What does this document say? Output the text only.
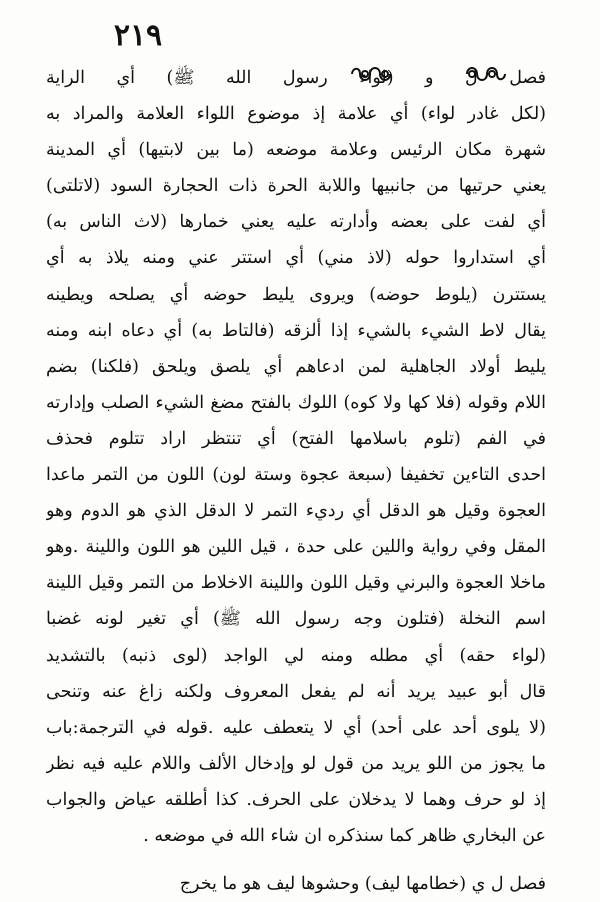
٢١٩
فصل ل و (لواء رسول الله ﷺ) أي الراية
(لكل غادر لواء) أي علامة إذ موضوع اللواء العلامة والمراد به
شهرة مكان الرئيس وعلامة موضعه (ما بين لابتيها) أي المدينة
يعني حرتيها من جانبيها واللابة الحرة ذات الحجارة السود (لاتلتى)
أي لفت على بعضه وأدارته عليه يعني خمارها (لاث الناس به)
أي استداروا حوله (لاذ مني) أي استتر عني ومنه يلاذ به أي
يستترن (يلوط حوضه) ويروى يليط حوضه أي يصلحه ويطينه
يقال لاط الشيء بالشيء إذا ألزقه (فالتاط به) أي دعاه ابنه ومنه
يليط أولاد الجاهلية لمن ادعاهم أي يلصق ويلحق (فلكنا) بضم
اللام وقوله (فلا كها ولا كوه) اللوك بالفتح مضغ الشيء الصلب وإدارته
في الفم (تلوم باسلامها الفتح) أي تنتظر اراد تتلوم فحذف
احدى التاءين تخفيفا (سبعة عجوة وستة لون) اللون من التمر ماعدا
العجوة وقيل هو الدقل أي رديء التمر لا الدقل الذي هو الدوم وهو
المقل وفي رواية واللين على حدة ، قيل اللين هو اللون واللينة .وهو
ماخلا العجوة والبرني وقيل اللون واللينة الاخلاط من التمر وقيل اللينة
اسم النخلة (فتلون وجه رسول الله ﷺ) أي تغير لونه غضبا
(لواء حقه) أي مطله ومنه لي الواجد (لوى ذنبه) بالتشديد
قال أبو عبيد يريد أنه لم يفعل المعروف ولكنه زاغ عنه وتنحى
(لا يلوى أحد على أحد) أي لا يتعطف عليه .قوله في الترجمة:باب
ما يجوز من اللو يريد من قول لو وإدخال الألف واللام عليه فيه نظر
إذ لو حرف وهما لا يدخلان على الحرف. كذا أطلقه عياض والجواب
عن البخاري ظاهر كما سنذكره ان شاء الله في موضعه .
فصل ل ي (خطامها ليف) وحشوها ليف هو ما يخرج
